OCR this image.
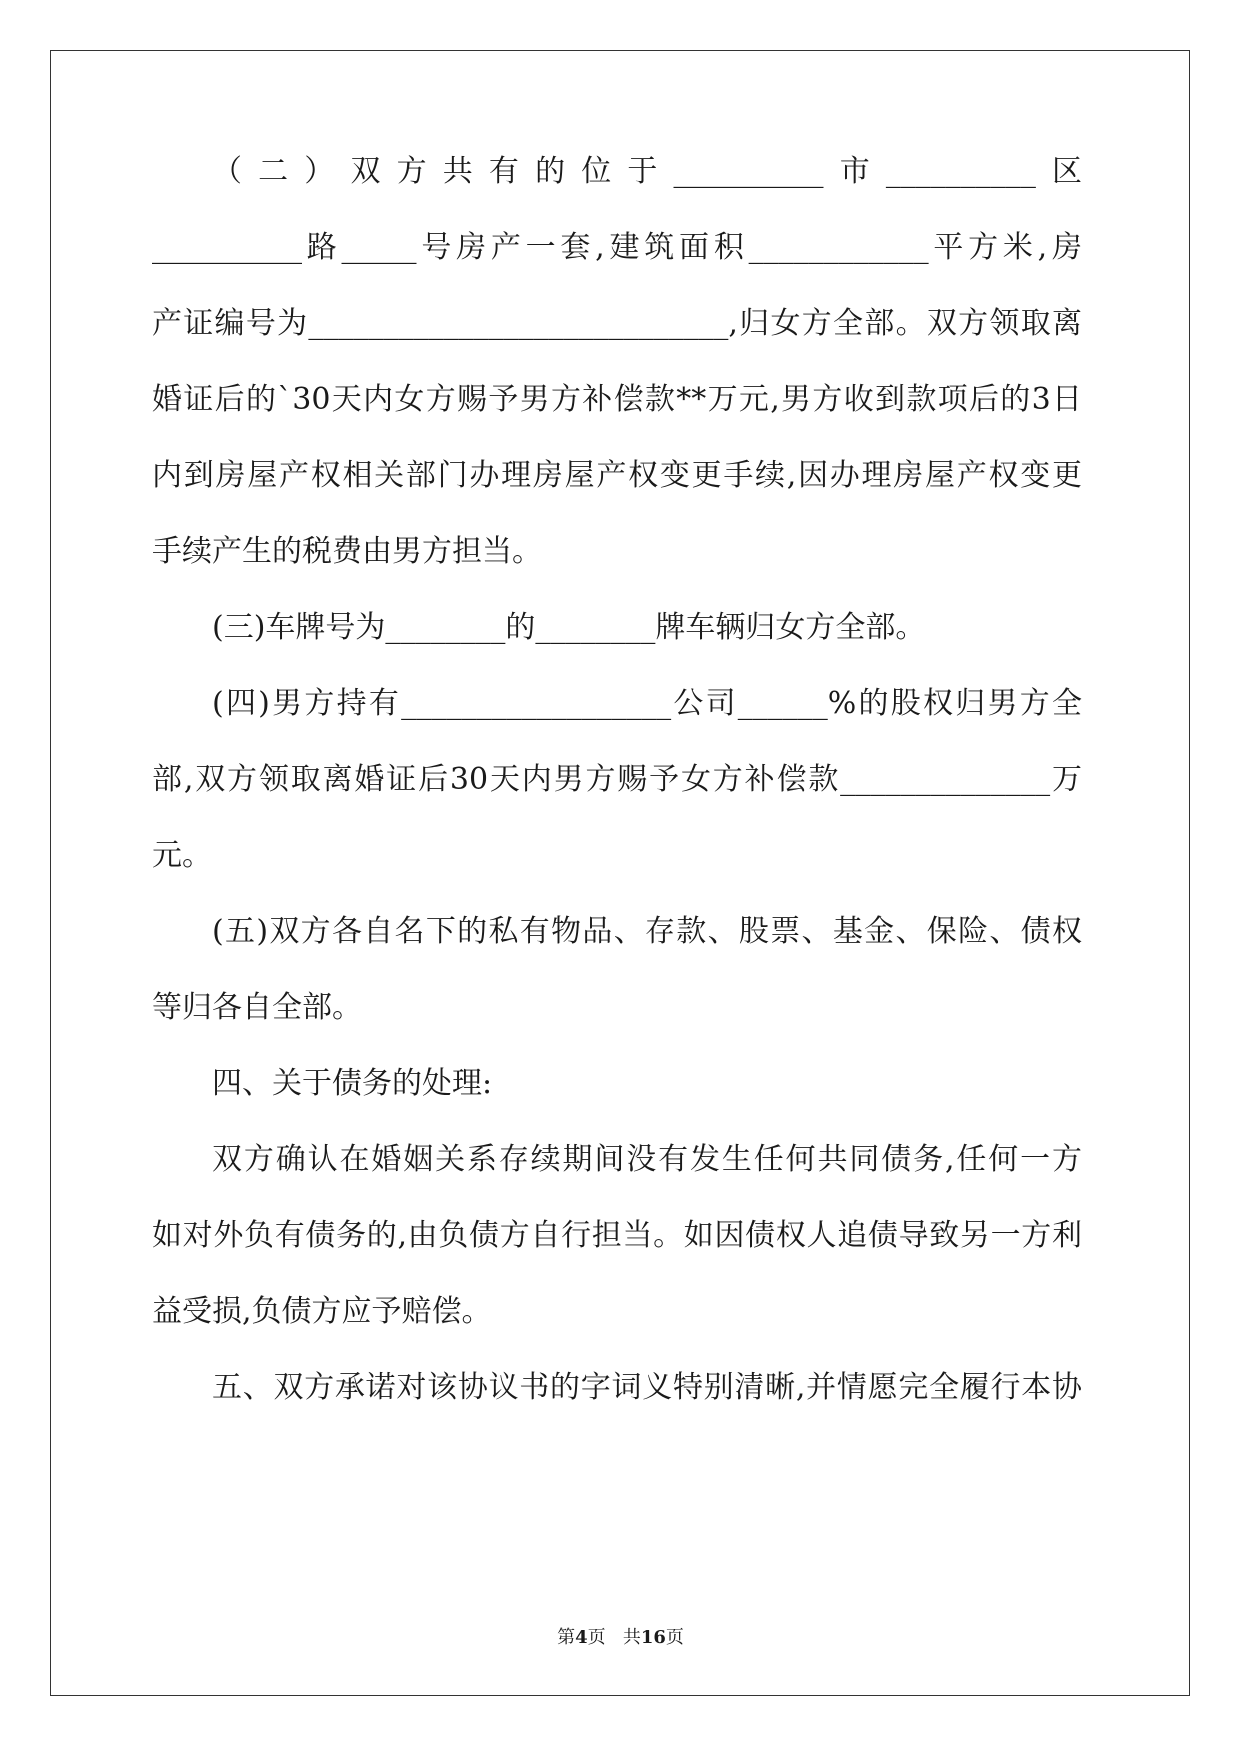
（二）双方共有的位于__________市__________区
__________路_____号房产一套,建筑面积____________平方米,房
产证编号为____________________________,归女方全部。双方领取离
婚证后的`30天内女方赐予男方补偿款**万元,男方收到款项后的3日
内到房屋产权相关部门办理房屋产权变更手续,因办理房屋产权变更
手续产生的税费由男方担当。
(三)车牌号为________的________牌车辆归女方全部。
(四)男方持有__________________公司______%的股权归男方全
部,双方领取离婚证后30天内男方赐予女方补偿款______________万
元。
(五)双方各自名下的私有物品、存款、股票、基金、保险、债权
等归各自全部。
四、关于债务的处理:
双方确认在婚姻关系存续期间没有发生任何共同债务,任何一方
如对外负有债务的,由负债方自行担当。如因债权人追债导致另一方利
益受损,负债方应予赔偿。
五、双方承诺对该协议书的字词义特别清晰,并情愿完全履行本协
第4页 共16页
